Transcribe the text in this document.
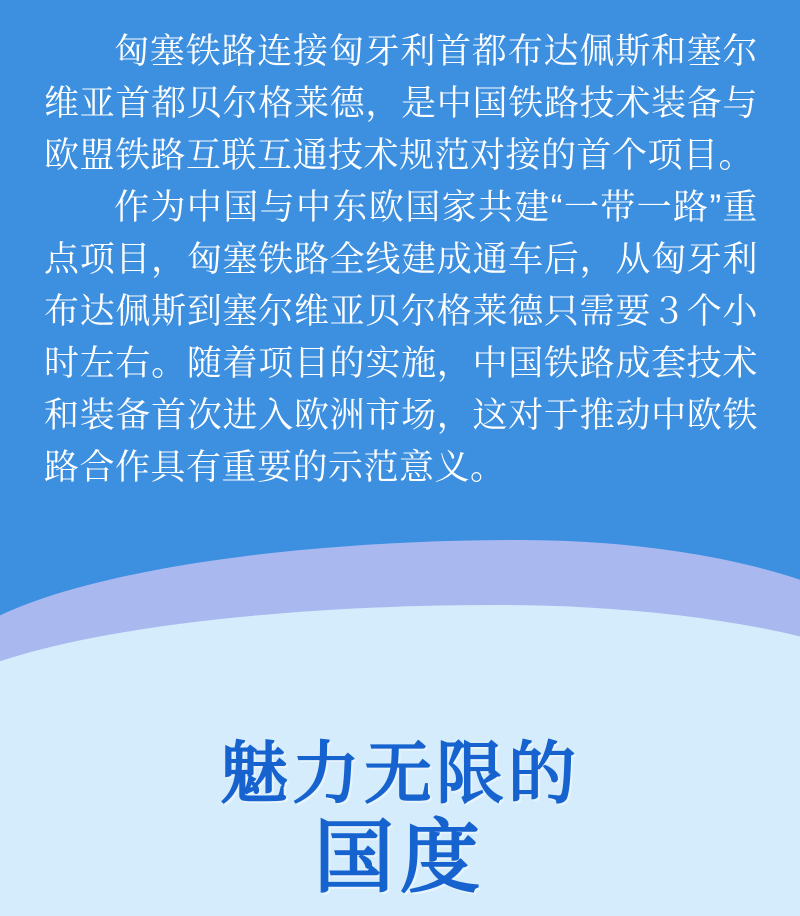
匈塞铁路连接匈牙利首都布达佩斯和塞尔维亚首都贝尔格莱德，是中国铁路技术装备与欧盟铁路互联互通技术规范对接的首个项目。

作为中国与中东欧国家共建“一带一路”重点项目，匈塞铁路全线建成通车后，从匈牙利布达佩斯到塞尔维亚贝尔格莱德只需要３个小时左右。随着项目的实施，中国铁路成套技术和装备首次进入欧洲市场，这对于推动中欧铁路合作具有重要的示范意义。

魅力无限的
国度
